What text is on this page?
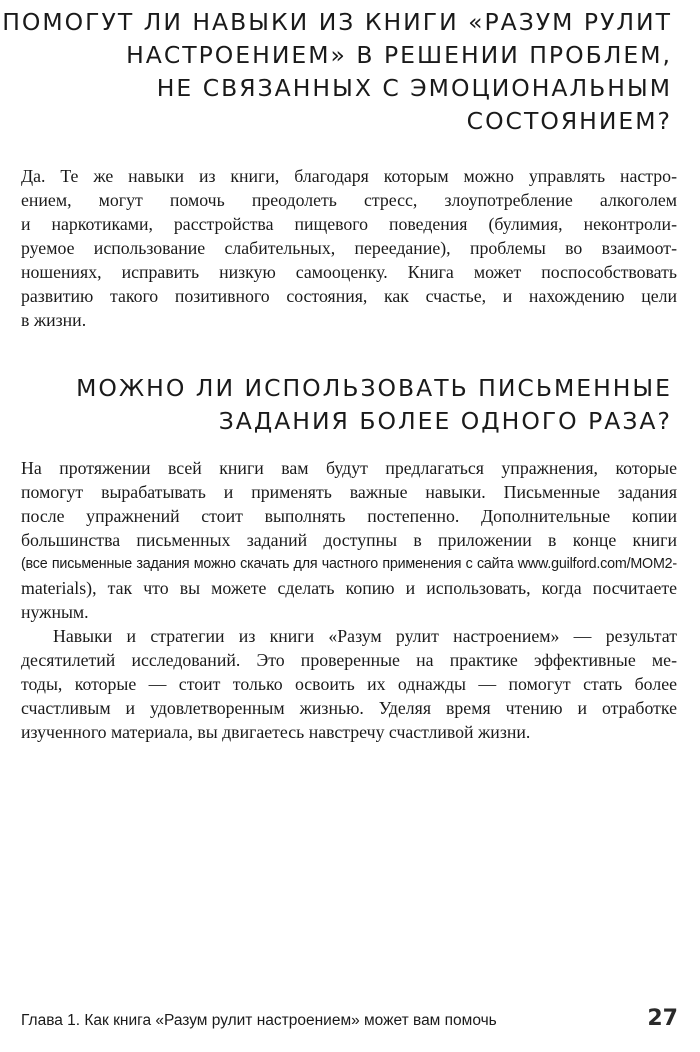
ПОМОГУТ ЛИ НАВЫКИ ИЗ КНИГИ «РАЗУМ РУЛИТ
НАСТРОЕНИЕМ» В РЕШЕНИИ ПРОБЛЕМ,
НЕ СВЯЗАННЫХ С ЭМОЦИОНАЛЬНЫМ
СОСТОЯНИЕМ?
Да. Те же навыки из книги, благодаря которым можно управлять настро-
ением, могут помочь преодолеть стресс, злоупотребление алкоголем
и наркотиками, расстройства пищевого поведения (булимия, неконтроли-
руемое использование слабительных, переедание), проблемы во взаимоот-
ношениях, исправить низкую самооценку. Книга может поспособствовать
развитию такого позитивного состояния, как счастье, и нахождению цели
в жизни.
МОЖНО ЛИ ИСПОЛЬЗОВАТЬ ПИСЬМЕННЫЕ
ЗАДАНИЯ БОЛЕЕ ОДНОГО РАЗА?
На протяжении всей книги вам будут предлагаться упражнения, которые
помогут вырабатывать и применять важные навыки. Письменные задания
после упражнений стоит выполнять постепенно. Дополнительные копии
большинства письменных заданий доступны в приложении в конце книги
(все письменные задания можно скачать для частного применения с сайта www.guilford.com/MOM2-
materials), так что вы можете сделать копию и использовать, когда посчитаете
нужным.
Навыки и стратегии из книги «Разум рулит настроением» — результат
десятилетий исследований. Это проверенные на практике эффективные ме-
тоды, которые — стоит только освоить их однажды — помогут стать более
счастливым и удовлетворенным жизнью. Уделяя время чтению и отработке
изученного материала, вы двигаетесь навстречу счастливой жизни.
Глава 1. Как книга «Разум рулит настроением» может вам помочь	27
